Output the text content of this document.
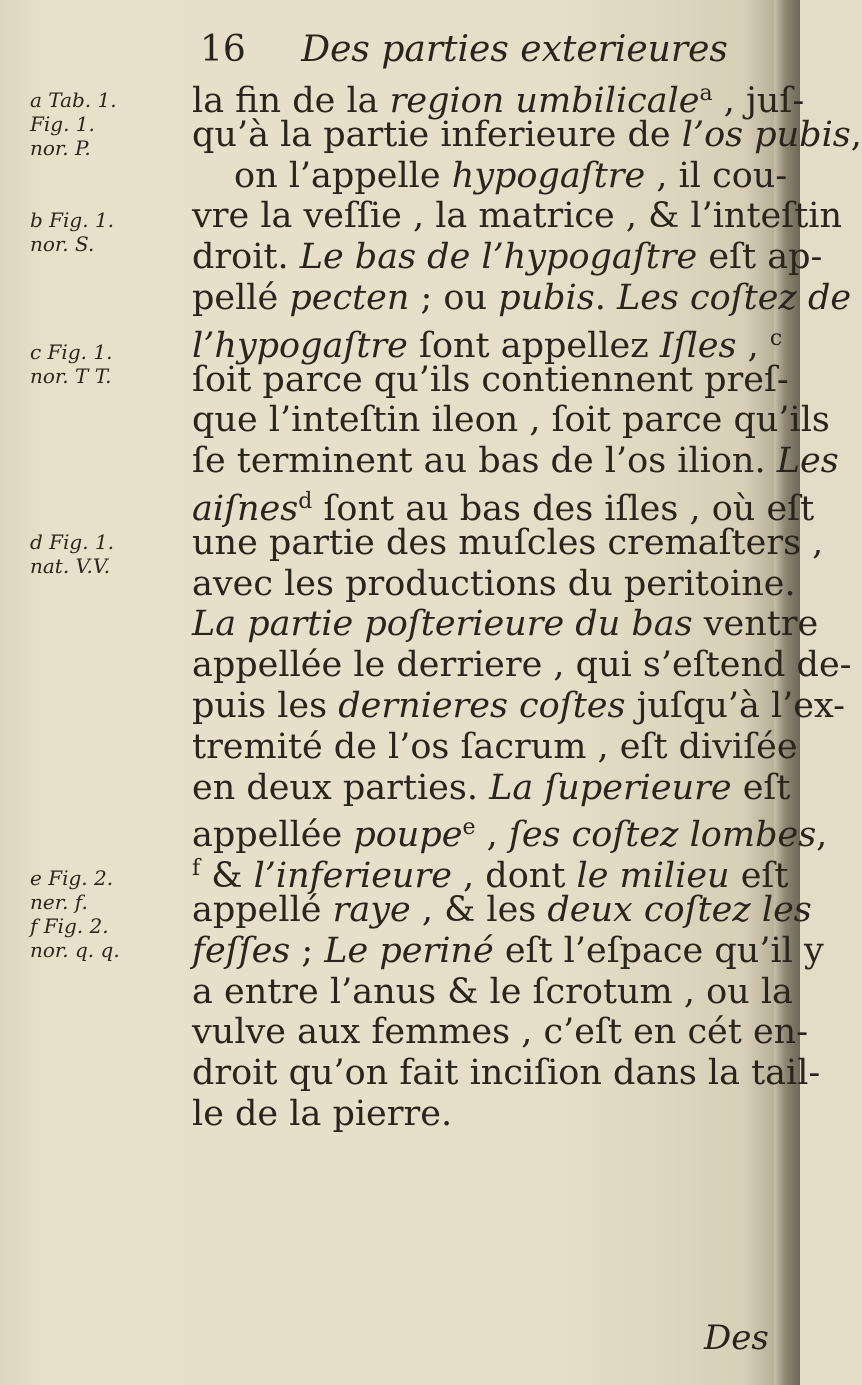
16 Des parties exterieures
a Tab. 1.
Fig. 1.
nor. P.
b Fig. 1.
nor. S.
c Fig. 1.
nor. T T.
d Fig. 1.
nat. V.V.
e Fig. 2.
ner. f.
f Fig. 2.
nor. q. q.
la fin de la region umbilicale$^a$ , juſ-
qu’à la partie inferieure de l’os pubis,
on l’appelle hypogaſtre , il cou-
vre la veſſie , la matrice , & l’inteſtin
droit. Le bas de l’hypogaſtre eſt ap-
pellé pecten ; ou pubis. Les coſtez de
l’hypogaſtre ſont appellez Iſles , $^c$
ſoit parce qu’ils contiennent preſ-
que l’inteſtin ileon , ſoit parce qu’ils
ſe terminent au bas de l’os ilion. Les
aiſnes$^d$ ſont au bas des iſles , où eſt
une partie des muſcles cremaſters ,
avec les productions du peritoine.
La partie poſterieure du bas ventre
appellée le derriere , qui s’eſtend de-
puis les dernieres coſtes juſqu’à l’ex-
tremité de l’os ſacrum , eſt diviſée
en deux parties. La ſuperieure eſt
appellée poupe$^e$ , ſes coſtez lombes,
$^f$ & l’inferieure , dont le milieu eſt
appellé raye , & les deux coſtez les
feſſes ; Le periné eſt l’eſpace qu’il y
a entre l’anus & le ſcrotum , ou la
vulve aux femmes , c’eſt en cét en-
droit qu’on fait inciſion dans la tail-
le de la pierre.
Des
